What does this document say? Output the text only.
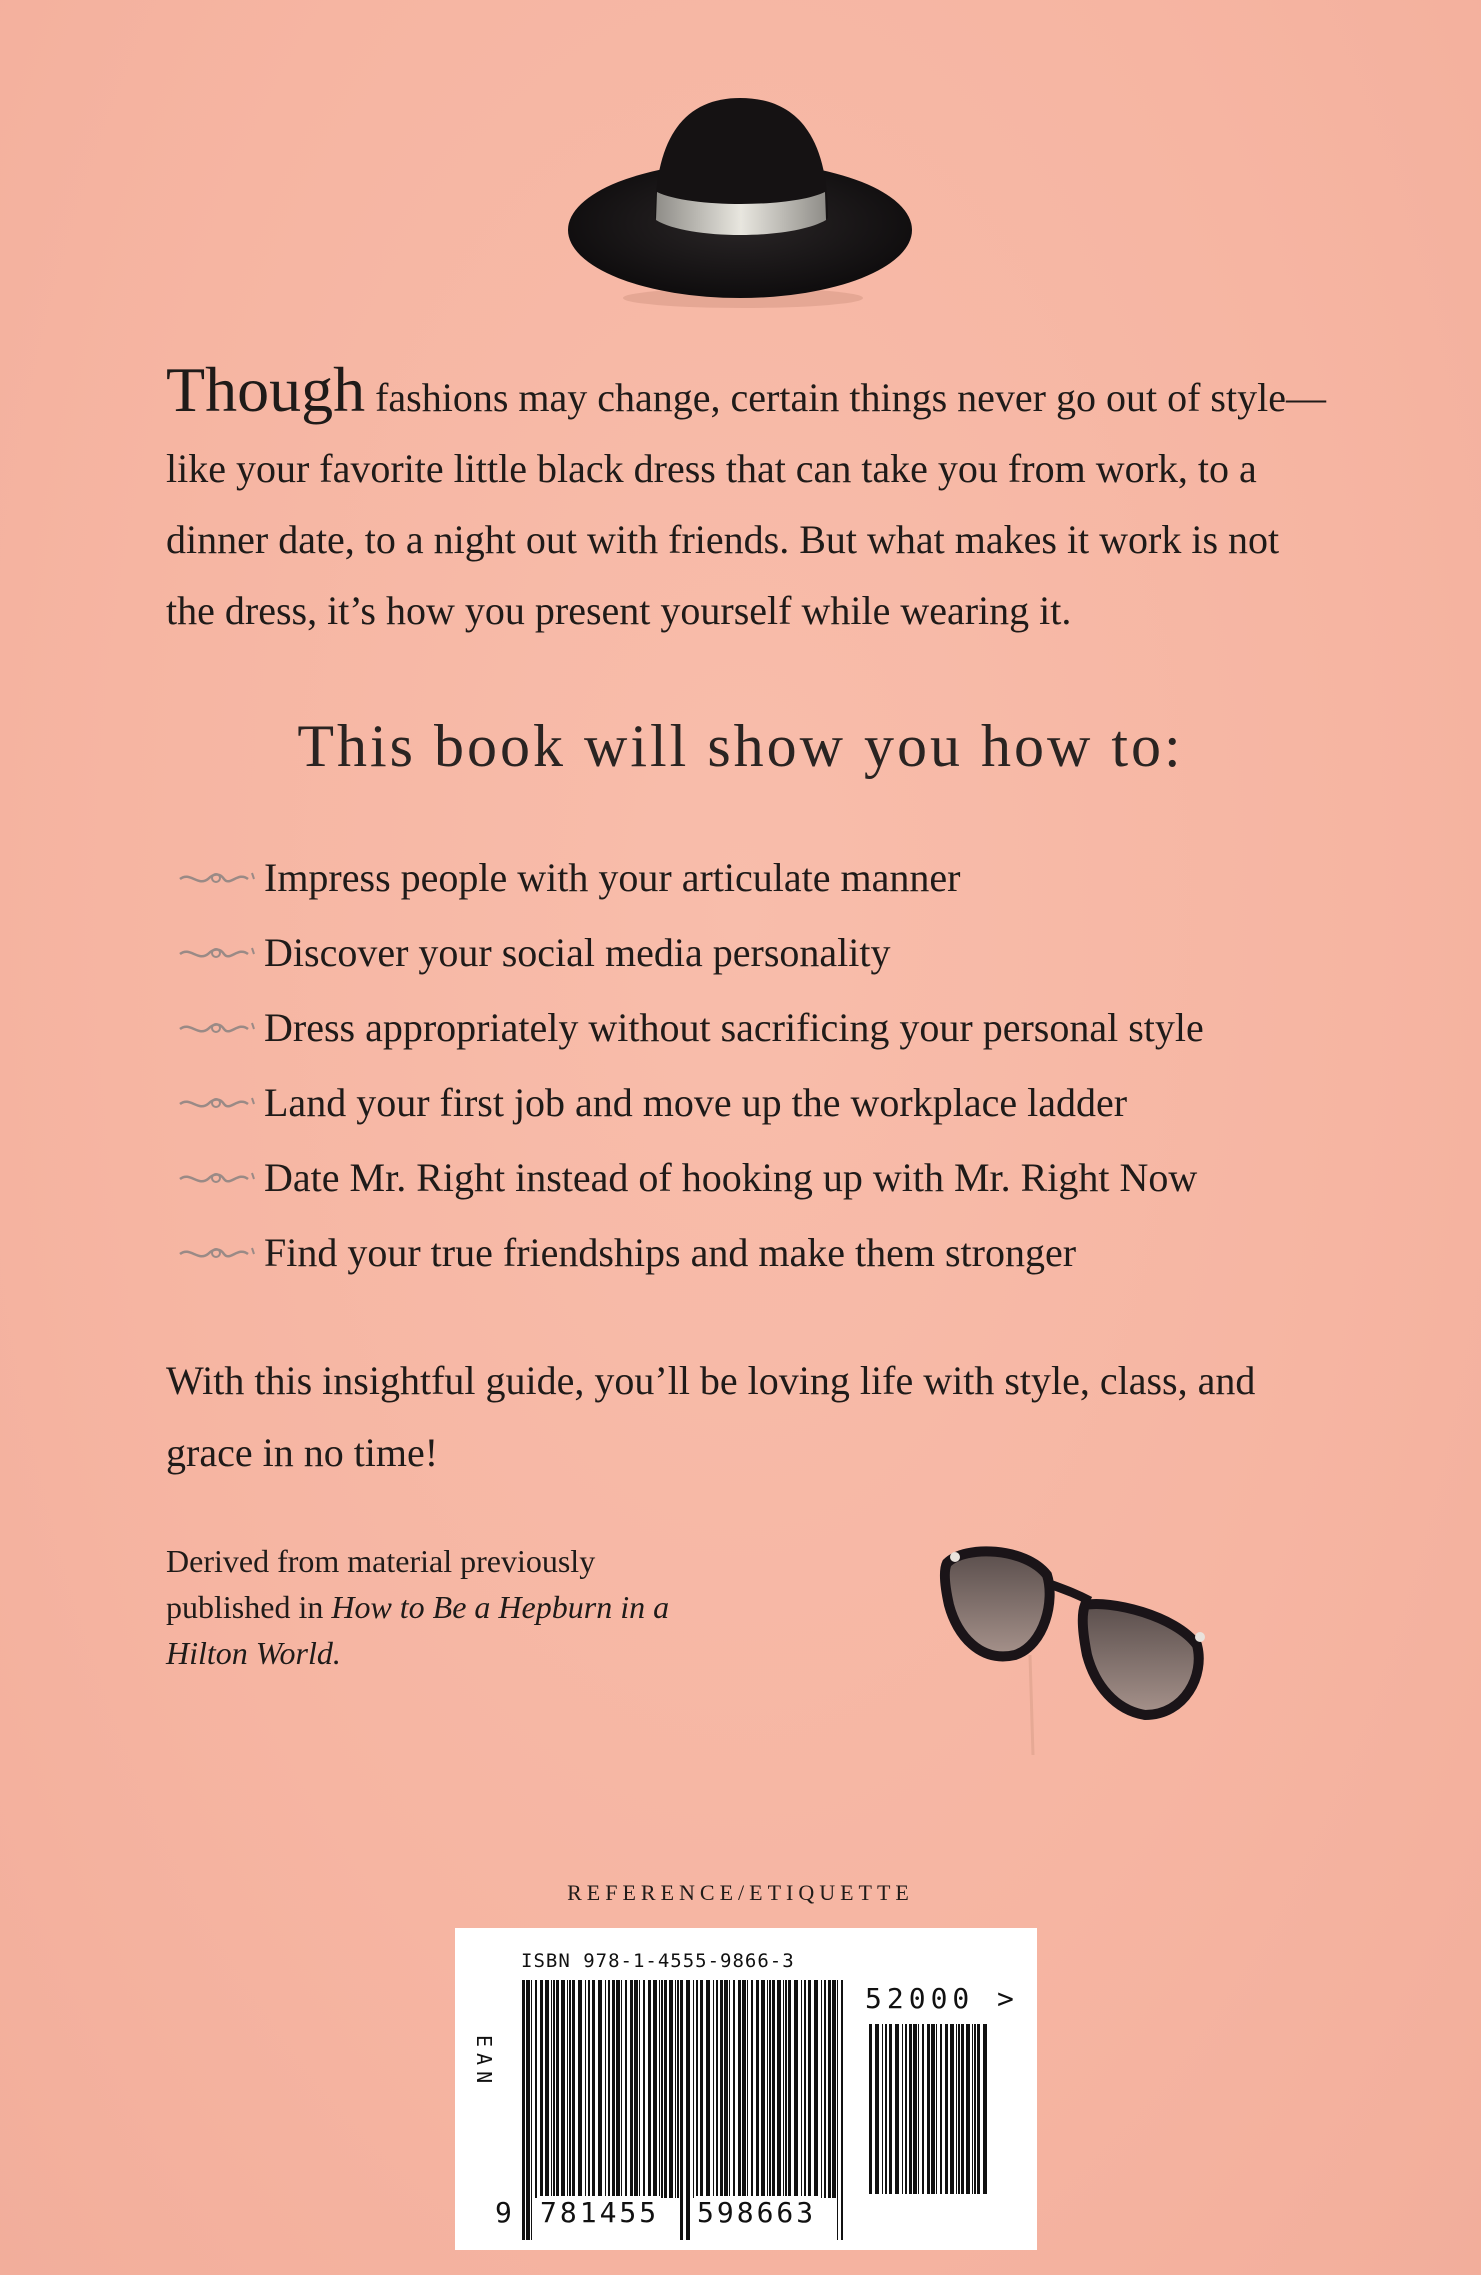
Though fashions may change, certain things never go out of style—like your favorite little black dress that can take you from work, to a dinner date, to a night out with friends. But what makes it work is not the dress, it’s how you present yourself while wearing it.

This book will show you how to:
Impress people with your articulate manner
Discover your social media personality
Dress appropriately without sacrificing your personal style
Land your first job and move up the workplace ladder
Date Mr. Right instead of hooking up with Mr. Right Now
Find your true friendships and make them stronger

With this insightful guide, you’ll be loving life with style, class, and grace in no time!

Derived from material previously published in How to Be a Hepburn in a Hilton World.

REFERENCE/ETIQUETTE

ISBN 978-1-4555-9866-3
EAN
52000 >
9 781455 598663
